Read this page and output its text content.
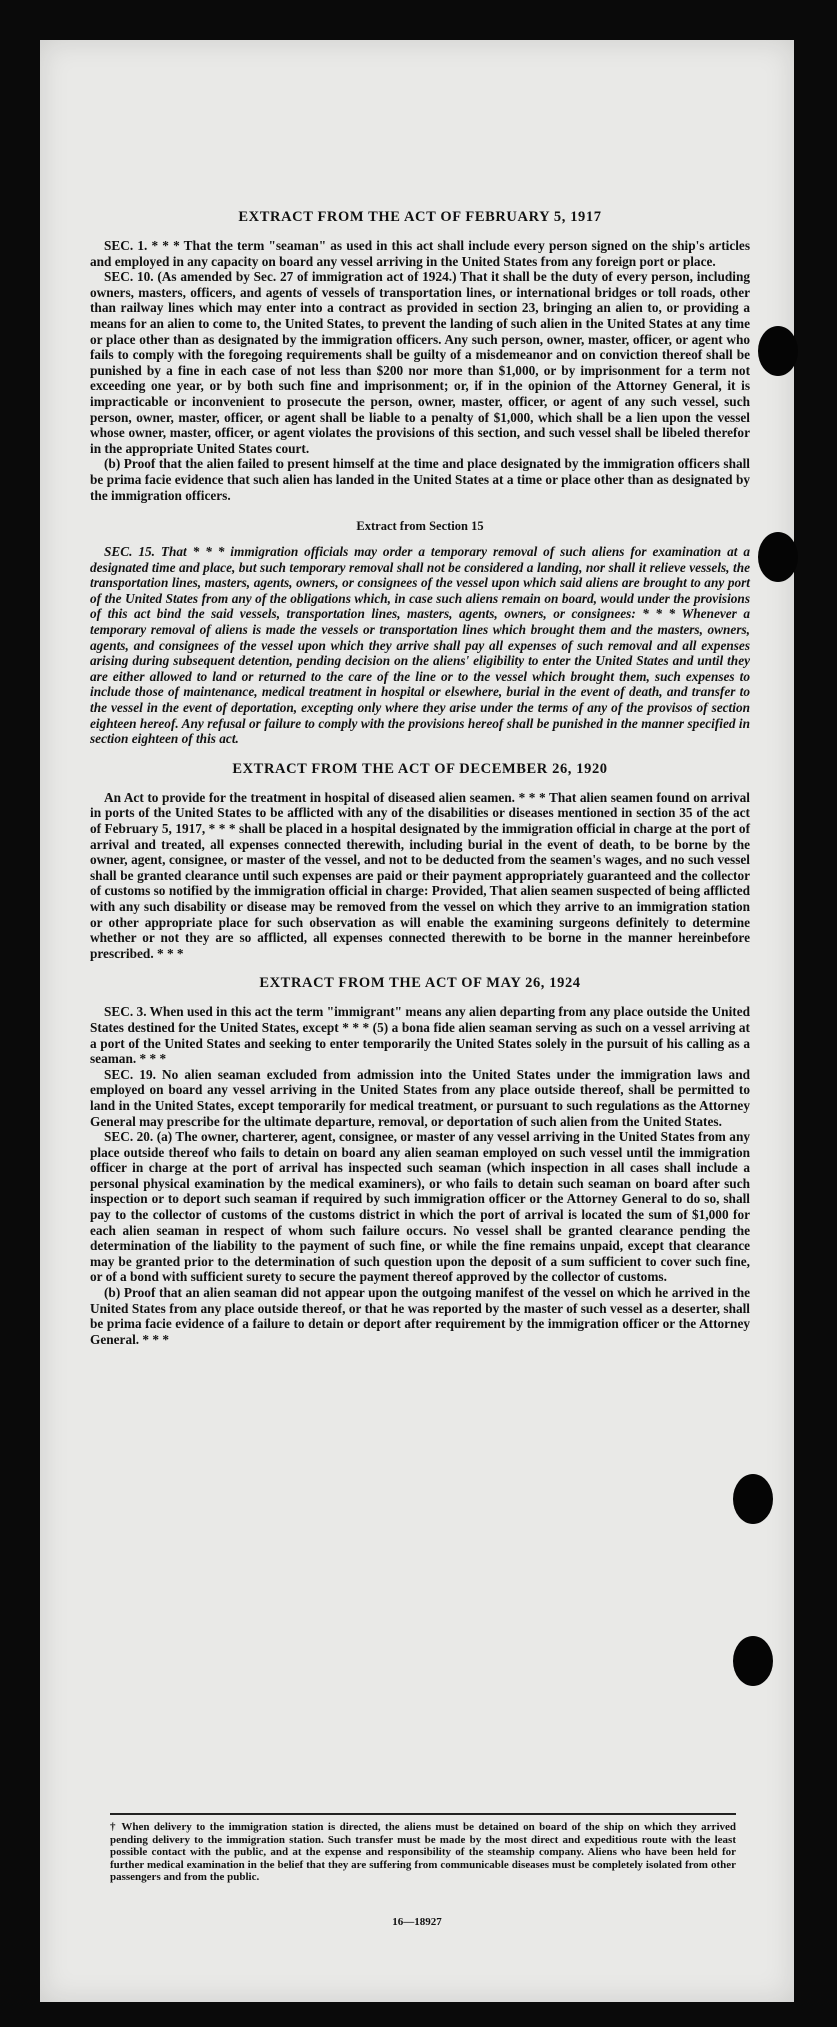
EXTRACT FROM THE ACT OF FEBRUARY 5, 1917

SEC. 1. * * * That the term "seaman" as used in this act shall include every person signed on the ship's articles and employed in any capacity on board any vessel arriving in the United States from any foreign port or place.

SEC. 10. (As amended by Sec. 27 of immigration act of 1924.) That it shall be the duty of every person, including owners, masters, officers, and agents of vessels of transportation lines, or international bridges or toll roads, other than railway lines which may enter into a contract as provided in section 23, bringing an alien to, or providing a means for an alien to come to, the United States, to prevent the landing of such alien in the United States at any time or place other than as designated by the immigration officers. Any such person, owner, master, officer, or agent who fails to comply with the foregoing requirements shall be guilty of a misdemeanor and on conviction thereof shall be punished by a fine in each case of not less than $200 nor more than $1,000, or by imprisonment for a term not exceeding one year, or by both such fine and imprisonment; or, if in the opinion of the Attorney General, it is impracticable or inconvenient to prosecute the person, owner, master, officer, or agent of any such vessel, such person, owner, master, officer, or agent shall be liable to a penalty of $1,000, which shall be a lien upon the vessel whose owner, master, officer, or agent violates the provisions of this section, and such vessel shall be libeled therefor in the appropriate United States court.

(b) Proof that the alien failed to present himself at the time and place designated by the immigration officers shall be prima facie evidence that such alien has landed in the United States at a time or place other than as designated by the immigration officers.

Extract from Section 15

SEC. 15. That * * * immigration officials may order a temporary removal of such aliens for examination at a designated time and place, but such temporary removal shall not be considered a landing, nor shall it relieve vessels, the transportation lines, masters, agents, owners, or consignees of the vessel upon which said aliens are brought to any port of the United States from any of the obligations which, in case such aliens remain on board, would under the provisions of this act bind the said vessels, transportation lines, masters, agents, owners, or consignees: * * * Whenever a temporary removal of aliens is made the vessels or transportation lines which brought them and the masters, owners, agents, and consignees of the vessel upon which they arrive shall pay all expenses of such removal and all expenses arising during subsequent detention, pending decision on the aliens' eligibility to enter the United States and until they are either allowed to land or returned to the care of the line or to the vessel which brought them, such expenses to include those of maintenance, medical treatment in hospital or elsewhere, burial in the event of death, and transfer to the vessel in the event of deportation, excepting only where they arise under the terms of any of the provisos of section eighteen hereof. Any refusal or failure to comply with the provisions hereof shall be punished in the manner specified in section eighteen of this act.

EXTRACT FROM THE ACT OF DECEMBER 26, 1920

An Act to provide for the treatment in hospital of diseased alien seamen. * * * That alien seamen found on arrival in ports of the United States to be afflicted with any of the disabilities or diseases mentioned in section 35 of the act of February 5, 1917, * * * shall be placed in a hospital designated by the immigration official in charge at the port of arrival and treated, all expenses connected therewith, including burial in the event of death, to be borne by the owner, agent, consignee, or master of the vessel, and not to be deducted from the seamen's wages, and no such vessel shall be granted clearance until such expenses are paid or their payment appropriately guaranteed and the collector of customs so notified by the immigration official in charge: Provided, That alien seamen suspected of being afflicted with any such disability or disease may be removed from the vessel on which they arrive to an immigration station or other appropriate place for such observation as will enable the examining surgeons definitely to determine whether or not they are so afflicted, all expenses connected therewith to be borne in the manner hereinbefore prescribed. * * *

EXTRACT FROM THE ACT OF MAY 26, 1924

SEC. 3. When used in this act the term "immigrant" means any alien departing from any place outside the United States destined for the United States, except * * * (5) a bona fide alien seaman serving as such on a vessel arriving at a port of the United States and seeking to enter temporarily the United States solely in the pursuit of his calling as a seaman. * * *

SEC. 19. No alien seaman excluded from admission into the United States under the immigration laws and employed on board any vessel arriving in the United States from any place outside thereof, shall be permitted to land in the United States, except temporarily for medical treatment, or pursuant to such regulations as the Attorney General may prescribe for the ultimate departure, removal, or deportation of such alien from the United States.

SEC. 20. (a) The owner, charterer, agent, consignee, or master of any vessel arriving in the United States from any place outside thereof who fails to detain on board any alien seaman employed on such vessel until the immigration officer in charge at the port of arrival has inspected such seaman (which inspection in all cases shall include a personal physical examination by the medical examiners), or who fails to detain such seaman on board after such inspection or to deport such seaman if required by such immigration officer or the Attorney General to do so, shall pay to the collector of customs of the customs district in which the port of arrival is located the sum of $1,000 for each alien seaman in respect of whom such failure occurs. No vessel shall be granted clearance pending the determination of the liability to the payment of such fine, or while the fine remains unpaid, except that clearance may be granted prior to the determination of such question upon the deposit of a sum sufficient to cover such fine, or of a bond with sufficient surety to secure the payment thereof approved by the collector of customs.

(b) Proof that an alien seaman did not appear upon the outgoing manifest of the vessel on which he arrived in the United States from any place outside thereof, or that he was reported by the master of such vessel as a deserter, shall be prima facie evidence of a failure to detain or deport after requirement by the immigration officer or the Attorney General. * * *

† When delivery to the immigration station is directed, the aliens must be detained on board of the ship on which they arrived pending delivery to the immigration station. Such transfer must be made by the most direct and expeditious route with the least possible contact with the public, and at the expense and responsibility of the steamship company. Aliens who have been held for further medical examination in the belief that they are suffering from communicable diseases must be completely isolated from other passengers and from the public.
16—18927
